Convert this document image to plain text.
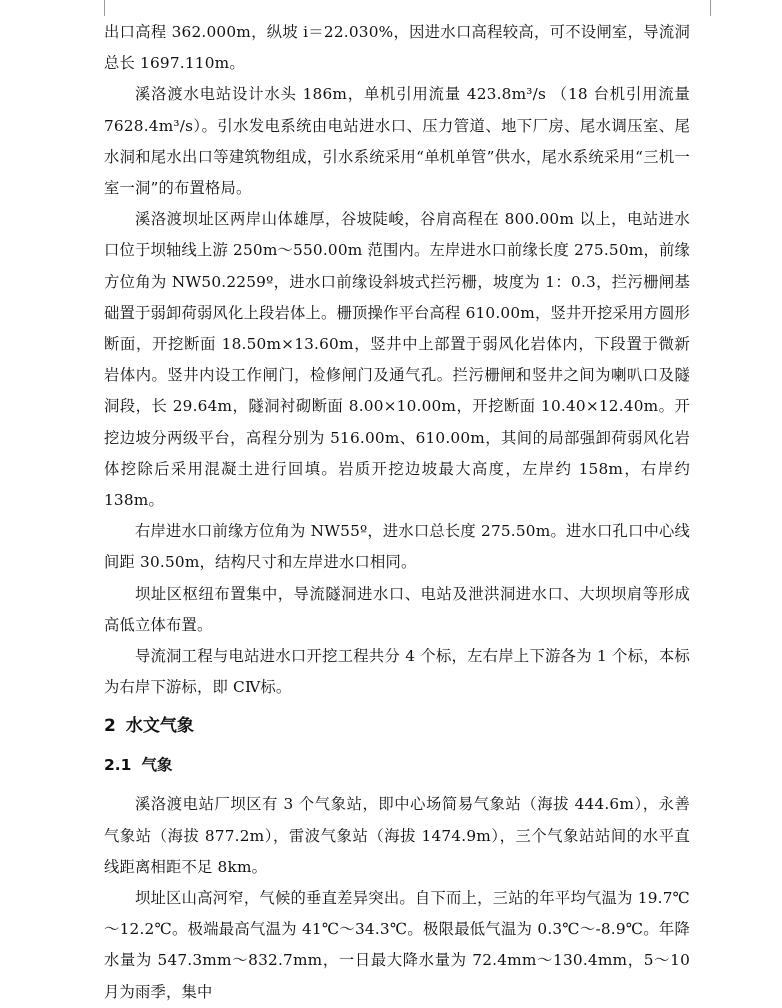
出口高程 362.000m，纵坡 i＝22.030%，因进水口高程较高，可不设闸室，导流洞总长 1697.110m。

溪洛渡水电站设计水头 186m，单机引用流量 423.8m³/s （18 台机引用流量 7628.4m³/s）。引水发电系统由电站进水口、压力管道、地下厂房、尾水调压室、尾水洞和尾水出口等建筑物组成，引水系统采用“单机单管”供水，尾水系统采用“三机一室一洞”的布置格局。

溪洛渡坝址区两岸山体雄厚，谷坡陡峻，谷肩高程在 800.00m 以上，电站进水口位于坝轴线上游 250m～550.00m 范围内。左岸进水口前缘长度 275.50m，前缘方位角为 NW50.2259º，进水口前缘设斜坡式拦污栅，坡度为 1：0.3，拦污栅闸基础置于弱卸荷弱风化上段岩体上。栅顶操作平台高程 610.00m，竖井开挖采用方圆形断面，开挖断面 18.50m×13.60m，竖井中上部置于弱风化岩体内，下段置于微新岩体内。竖井内设工作闸门，检修闸门及通气孔。拦污栅闸和竖井之间为喇叭口及隧洞段，长 29.64m，隧洞衬砌断面 8.00×10.00m，开挖断面 10.40×12.40m。开挖边坡分两级平台，高程分别为 516.00m、610.00m，其间的局部强卸荷弱风化岩体挖除后采用混凝土进行回填。岩质开挖边坡最大高度，左岸约 158m，右岸约 138m。

右岸进水口前缘方位角为 NW55º，进水口总长度 275.50m。进水口孔口中心线间距 30.50m，结构尺寸和左岸进水口相同。

坝址区枢纽布置集中，导流隧洞进水口、电站及泄洪洞进水口、大坝坝肩等形成高低立体布置。

导流洞工程与电站进水口开挖工程共分 4 个标，左右岸上下游各为 1 个标，本标为右岸下游标，即 CⅣ标。

2 水文气象
2.1 气象

溪洛渡电站厂坝区有 3 个气象站，即中心场简易气象站（海拔 444.6m），永善气象站（海拔 877.2m），雷波气象站（海拔 1474.9m），三个气象站站间的水平直线距离相距不足 8km。

坝址区山高河窄，气候的垂直差异突出。自下而上，三站的年平均气温为 19.7℃～12.2℃。极端最高气温为 41℃～34.3℃。极限最低气温为 0.3℃～-8.9℃。年降水量为 547.3mm～832.7mm，一日最大降水量为 72.4mm～130.4mm，5～10 月为雨季，集中
